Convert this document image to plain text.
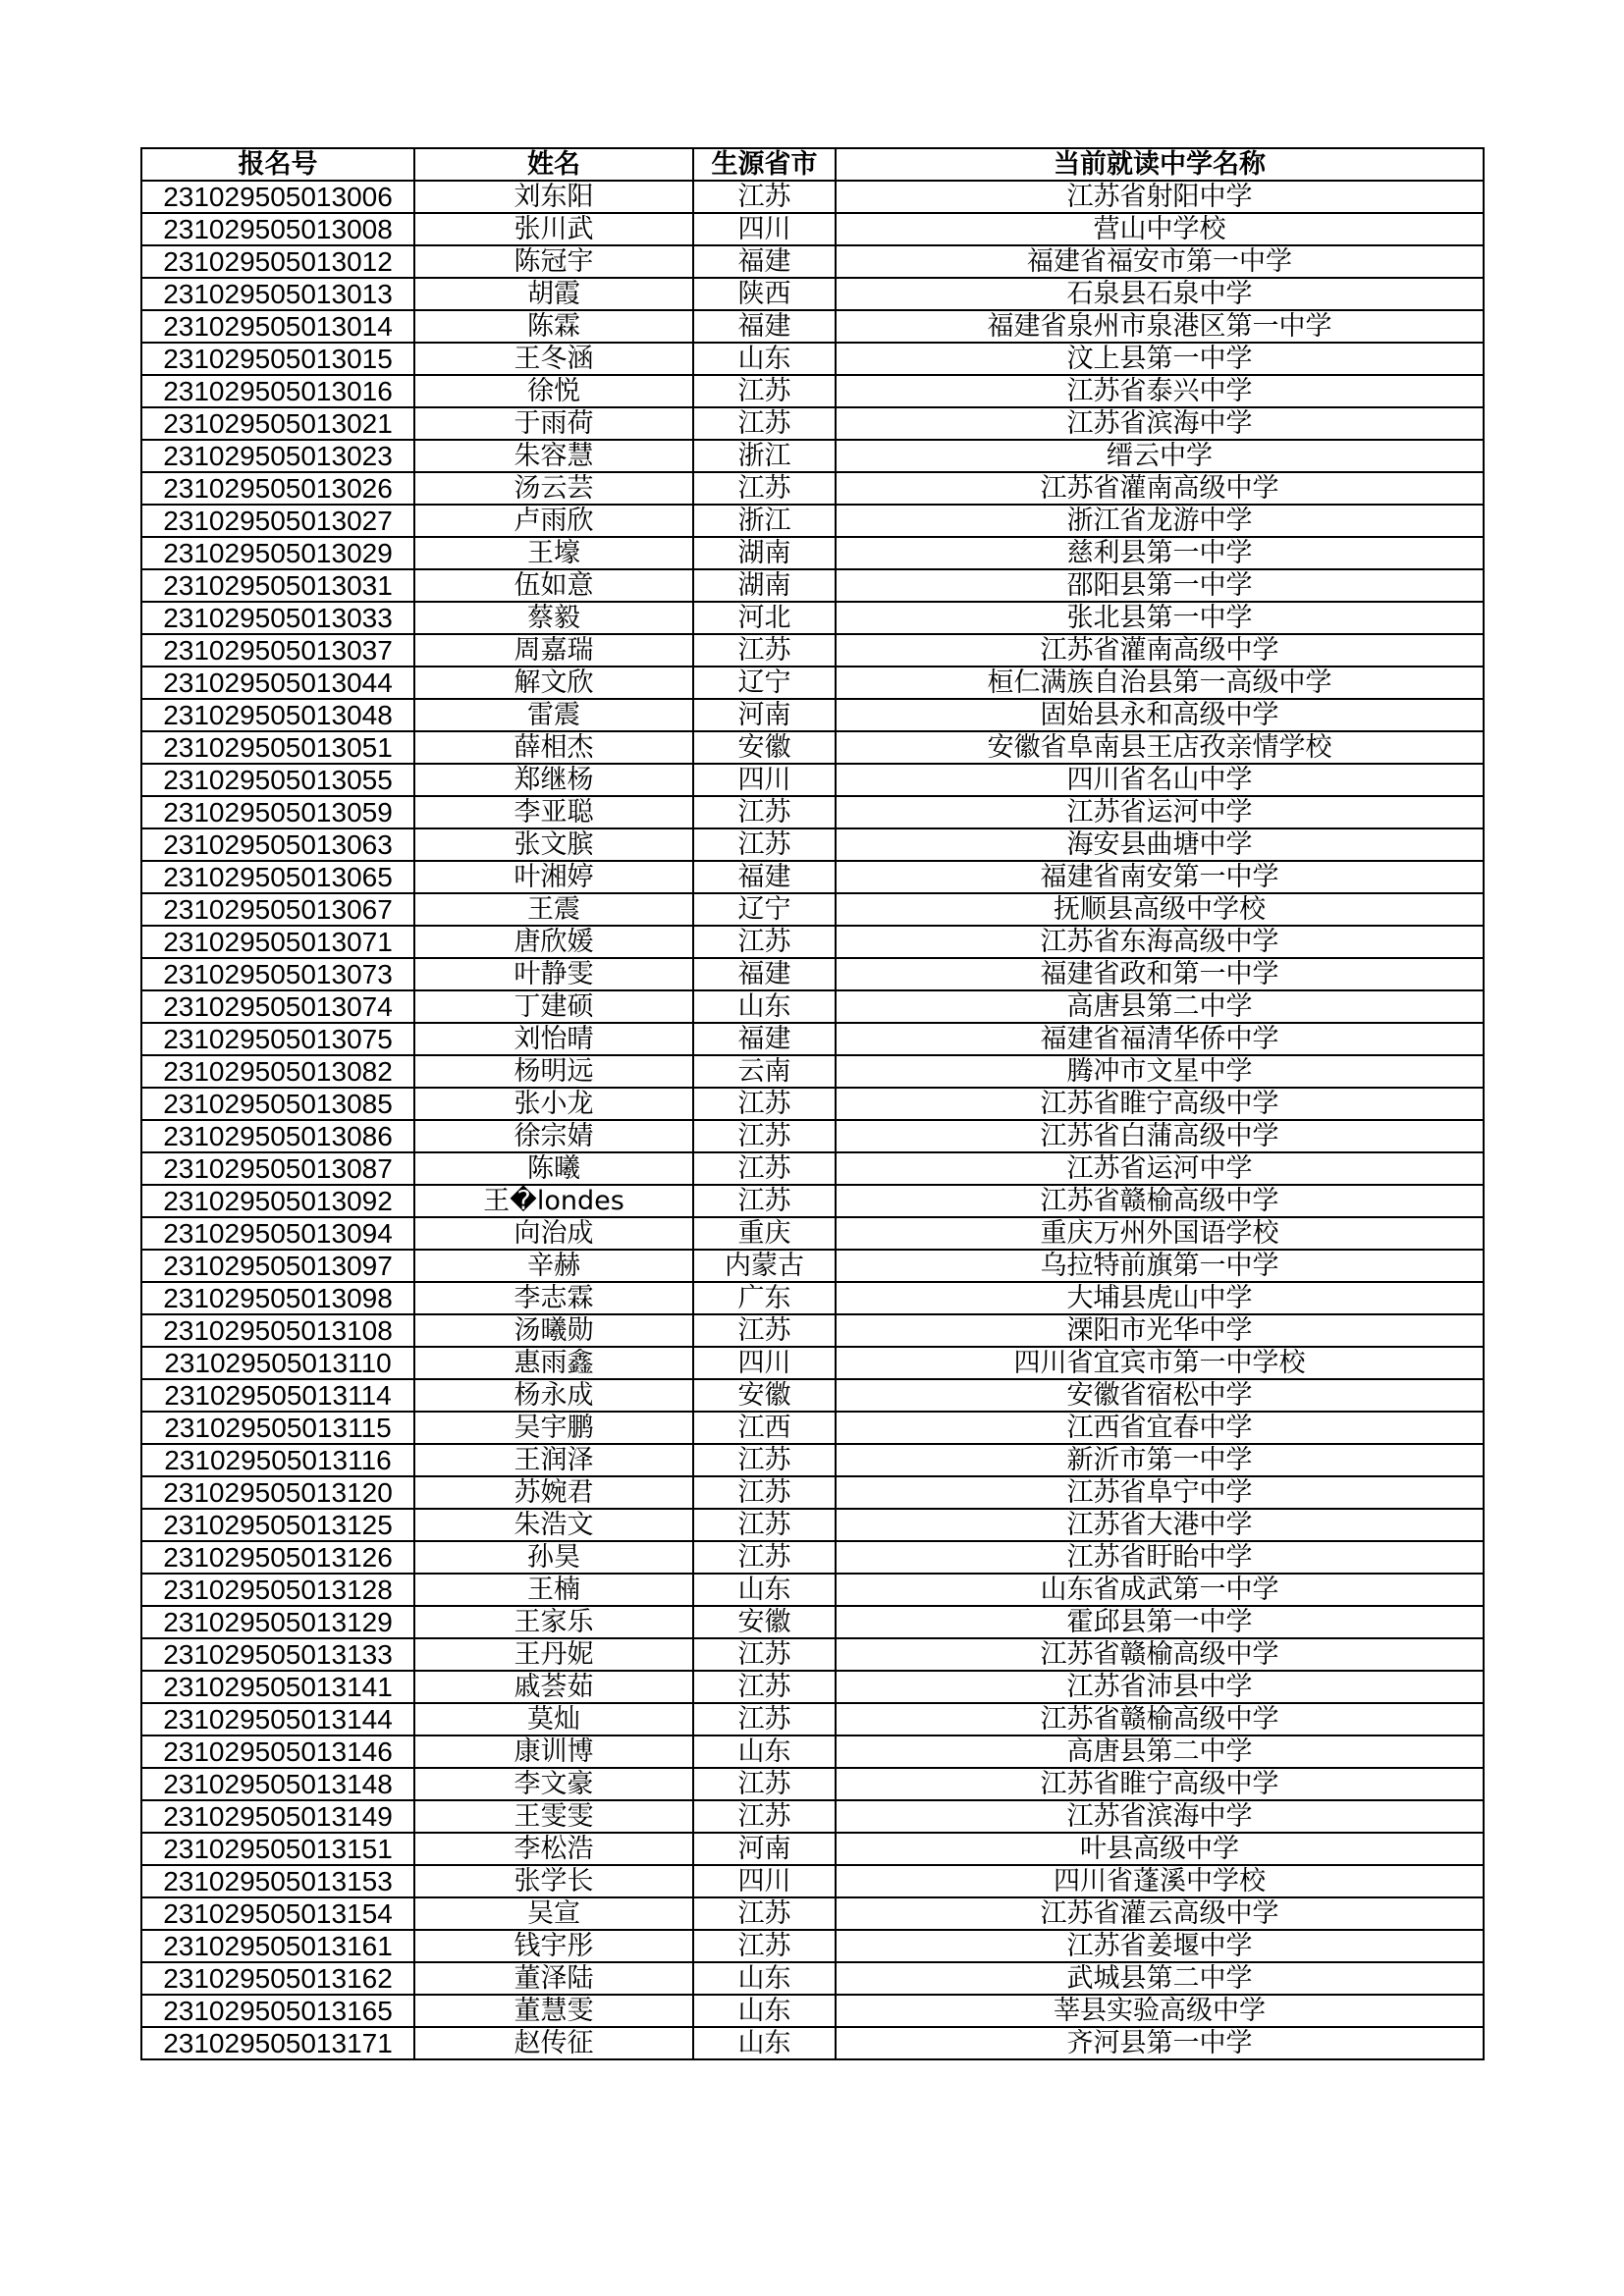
报名号	姓名	生源省市	当前就读中学名称
231029505013006	刘东阳	江苏	江苏省射阳中学
231029505013008	张川武	四川	营山中学校
231029505013012	陈冠宇	福建	福建省福安市第一中学
231029505013013	胡霞	陕西	石泉县石泉中学
231029505013014	陈霖	福建	福建省泉州市泉港区第一中学
231029505013015	王冬涵	山东	汶上县第一中学
231029505013016	徐悦	江苏	江苏省泰兴中学
231029505013021	于雨荷	江苏	江苏省滨海中学
231029505013023	朱容慧	浙江	缙云中学
231029505013026	汤云芸	江苏	江苏省灌南高级中学
231029505013027	卢雨欣	浙江	浙江省龙游中学
231029505013029	王壕	湖南	慈利县第一中学
231029505013031	伍如意	湖南	邵阳县第一中学
231029505013033	蔡毅	河北	张北县第一中学
231029505013037	周嘉瑞	江苏	江苏省灌南高级中学
231029505013044	解文欣	辽宁	桓仁满族自治县第一高级中学
231029505013048	雷震	河南	固始县永和高级中学
231029505013051	薛相杰	安徽	安徽省阜南县王店孜亲情学校
231029505013055	郑继杨	四川	四川省名山中学
231029505013059	李亚聪	江苏	江苏省运河中学
231029505013063	张文膑	江苏	海安县曲塘中学
231029505013065	叶湘婷	福建	福建省南安第一中学
231029505013067	王震	辽宁	抚顺县高级中学校
231029505013071	唐欣媛	江苏	江苏省东海高级中学
231029505013073	叶静雯	福建	福建省政和第一中学
231029505013074	丁建硕	山东	高唐县第二中学
231029505013075	刘怡晴	福建	福建省福清华侨中学
231029505013082	杨明远	云南	腾冲市文星中学
231029505013085	张小龙	江苏	江苏省睢宁高级中学
231029505013086	徐宗婧	江苏	江苏省白蒲高级中学
231029505013087	陈曦	江苏	江苏省运河中学
231029505013092	王�londes	江苏	江苏省赣榆高级中学
231029505013094	向治成	重庆	重庆万州外国语学校
231029505013097	辛赫	内蒙古	乌拉特前旗第一中学
231029505013098	李志霖	广东	大埔县虎山中学
231029505013108	汤曦勋	江苏	溧阳市光华中学
231029505013110	惠雨鑫	四川	四川省宜宾市第一中学校
231029505013114	杨永成	安徽	安徽省宿松中学
231029505013115	吴宇鹏	江西	江西省宜春中学
231029505013116	王润泽	江苏	新沂市第一中学
231029505013120	苏婉君	江苏	江苏省阜宁中学
231029505013125	朱浩文	江苏	江苏省大港中学
231029505013126	孙昊	江苏	江苏省盱眙中学
231029505013128	王楠	山东	山东省成武第一中学
231029505013129	王家乐	安徽	霍邱县第一中学
231029505013133	王丹妮	江苏	江苏省赣榆高级中学
231029505013141	戚荟茹	江苏	江苏省沛县中学
231029505013144	莫灿	江苏	江苏省赣榆高级中学
231029505013146	康训博	山东	高唐县第二中学
231029505013148	李文豪	江苏	江苏省睢宁高级中学
231029505013149	王雯雯	江苏	江苏省滨海中学
231029505013151	李松浩	河南	叶县高级中学
231029505013153	张学长	四川	四川省蓬溪中学校
231029505013154	吴宣	江苏	江苏省灌云高级中学
231029505013161	钱宇彤	江苏	江苏省姜堰中学
231029505013162	董泽陆	山东	武城县第二中学
231029505013165	董慧雯	山东	莘县实验高级中学
231029505013171	赵传征	山东	齐河县第一中学
